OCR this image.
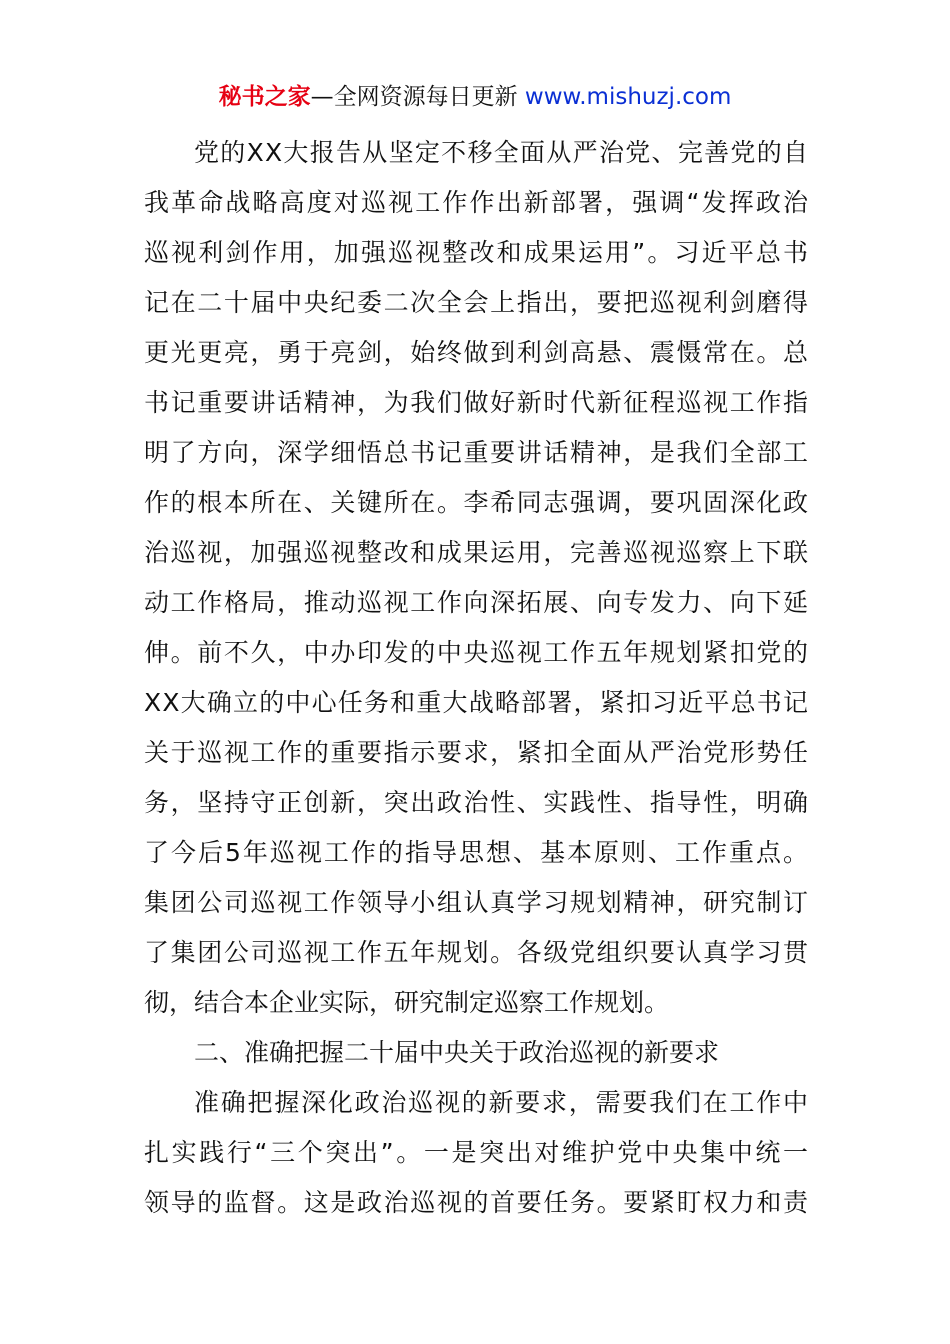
秘书之家—全网资源每日更新 www.mishuzj.com
党的XX大报告从坚定不移全面从严治党、完善党的自
我革命战略高度对巡视工作作出新部署，强调“发挥政治
巡视利剑作用，加强巡视整改和成果运用”。习近平总书
记在二十届中央纪委二次全会上指出，要把巡视利剑磨得
更光更亮，勇于亮剑，始终做到利剑高悬、震慑常在。总
书记重要讲话精神，为我们做好新时代新征程巡视工作指
明了方向，深学细悟总书记重要讲话精神，是我们全部工
作的根本所在、关键所在。李希同志强调，要巩固深化政
治巡视，加强巡视整改和成果运用，完善巡视巡察上下联
动工作格局，推动巡视工作向深拓展、向专发力、向下延
伸。前不久，中办印发的中央巡视工作五年规划紧扣党的
XX大确立的中心任务和重大战略部署，紧扣习近平总书记
关于巡视工作的重要指示要求，紧扣全面从严治党形势任
务，坚持守正创新，突出政治性、实践性、指导性，明确
了今后5年巡视工作的指导思想、基本原则、工作重点。
集团公司巡视工作领导小组认真学习规划精神，研究制订
了集团公司巡视工作五年规划。各级党组织要认真学习贯
彻，结合本企业实际，研究制定巡察工作规划。
二、准确把握二十届中央关于政治巡视的新要求
准确把握深化政治巡视的新要求，需要我们在工作中
扎实践行“三个突出”。一是突出对维护党中央集中统一
领导的监督。这是政治巡视的首要任务。要紧盯权力和责
